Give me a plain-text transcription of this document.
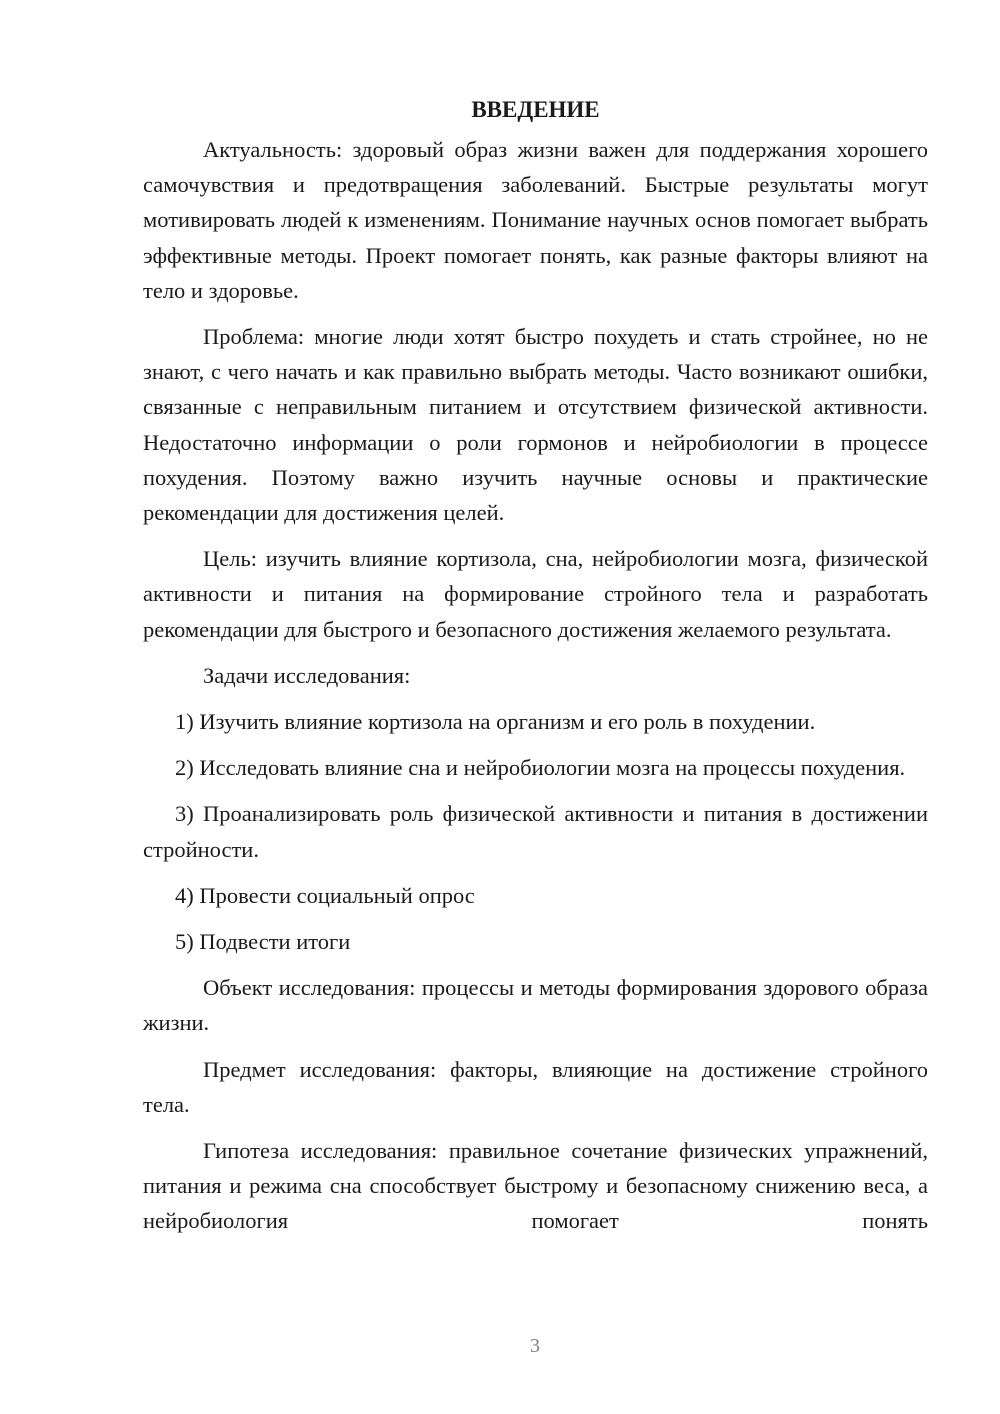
ВВЕДЕНИЕ

Актуальность: здоровый образ жизни важен для поддержания хорошего самочувствия и предотвращения заболеваний. Быстрые результаты могут мотивировать людей к изменениям. Понимание научных основ помогает выбрать эффективные методы. Проект помогает понять, как разные факторы влияют на тело и здоровье.

Проблема: многие люди хотят быстро похудеть и стать стройнее, но не знают, с чего начать и как правильно выбрать методы. Часто возникают ошибки, связанные с неправильным питанием и отсутствием физической активности. Недостаточно информации о роли гормонов и нейробиологии в процессе похудения. Поэтому важно изучить научные основы и практические рекомендации для достижения целей.

Цель: изучить влияние кортизола, сна, нейробиологии мозга, физической активности и питания на формирование стройного тела и разработать рекомендации для быстрого и безопасного достижения желаемого результата.

Задачи исследования:

1) Изучить влияние кортизола на организм и его роль в похудении.

2) Исследовать влияние сна и нейробиологии мозга на процессы похудения.

3) Проанализировать роль физической активности и питания в достижении стройности.

4) Провести социальный опрос

5) Подвести итоги

Объект исследования: процессы и методы формирования здорового образа жизни.

Предмет исследования: факторы, влияющие на достижение стройного тела.

Гипотеза исследования: правильное сочетание физических упражнений, питания и режима сна способствует быстрому и безопасному снижению веса, а нейробиология помогает понять

3
